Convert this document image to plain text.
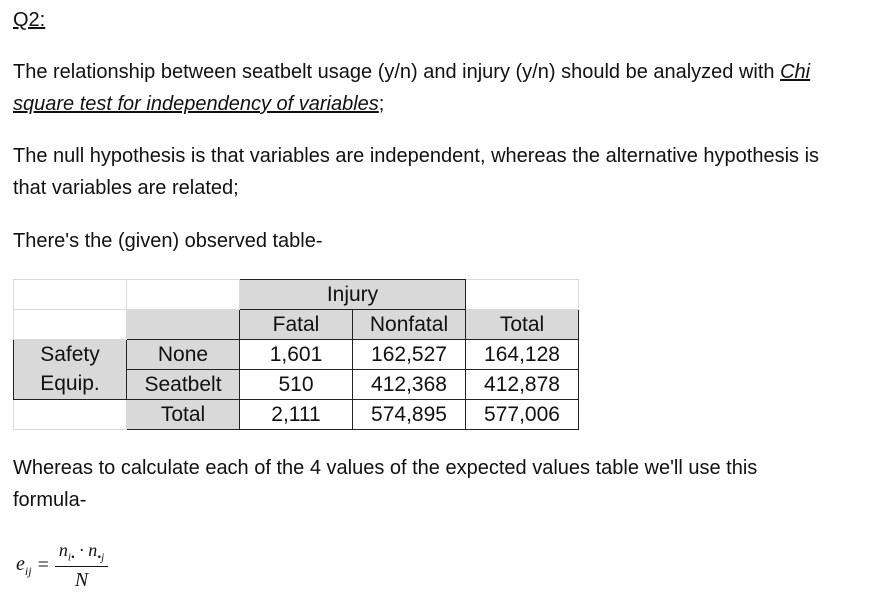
Q2:

The relationship between seatbelt usage (y/n) and injury (y/n) should be analyzed with Chi
square test for independency of variables;
The null hypothesis is that variables are independent, whereas the alternative hypothesis is
that variables are related;
There's the (given) observed table-
		Injury		
		Fatal	Nonfatal	Total
Safety	None	1,601	162,527	164,128
Equip.	Seatbelt	510	412,368	412,878
	Total	2,111	574,895	577,006
Whereas to calculate each of the 4 values of the expected values table we'll use this
formula-
$e_{ij} = \frac{n_{i•} \cdot n_{•j}}{N}$
